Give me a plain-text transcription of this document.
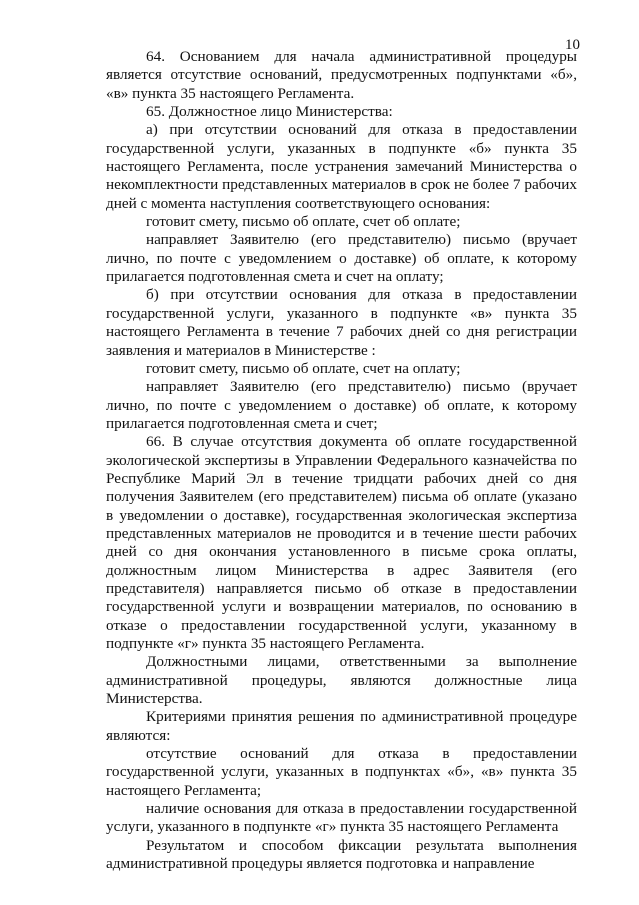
10

64. Основанием для начала административной процедуры является отсутствие оснований, предусмотренных подпунктами «б», «в» пункта 35 настоящего Регламента.

65. Должностное лицо Министерства:

а) при отсутствии оснований для отказа в предоставлении государственной услуги, указанных в подпункте «б» пункта 35 настоящего Регламента, после устранения замечаний Министерства о некомплектности представленных материалов в срок не более 7 рабочих дней с момента наступления соответствующего основания:

готовит смету, письмо об оплате, счет об оплате;

направляет Заявителю (его представителю) письмо (вручает лично, по почте с уведомлением о доставке) об оплате, к которому прилагается подготовленная смета и счет на оплату;

б) при отсутствии основания для отказа в предоставлении государственной услуги, указанного в подпункте «в» пункта 35 настоящего Регламента в течение 7 рабочих дней со дня регистрации заявления и материалов в Министерстве :

готовит смету, письмо об оплате, счет на оплату;

направляет Заявителю (его представителю) письмо (вручает лично, по почте с уведомлением о доставке) об оплате, к которому прилагается подготовленная смета и счет;

66. В случае отсутствия документа об оплате государственной экологической экспертизы в Управлении Федерального казначейства по Республике Марий Эл в течение тридцати рабочих дней со дня получения Заявителем (его представителем) письма об оплате (указано в уведомлении о доставке), государственная экологическая экспертиза представленных материалов не проводится и в течение шести рабочих дней со дня окончания установленного в письме срока оплаты, должностным лицом Министерства в адрес Заявителя (его представителя) направляется письмо об отказе в предоставлении государственной услуги и возвращении материалов, по основанию в отказе о предоставлении государственной услуги, указанному в подпункте «г» пункта 35 настоящего Регламента.

Должностными лицами, ответственными за выполнение административной процедуры, являются должностные лица Министерства.

Критериями принятия решения по административной процедуре являются:

отсутствие оснований для отказа в предоставлении государственной услуги, указанных в подпунктах «б», «в» пункта 35 настоящего Регламента;

наличие основания для отказа в предоставлении государственной услуги, указанного в подпункте «г» пункта 35 настоящего Регламента

Результатом и способом фиксации результата выполнения административной процедуры является подготовка и направление
